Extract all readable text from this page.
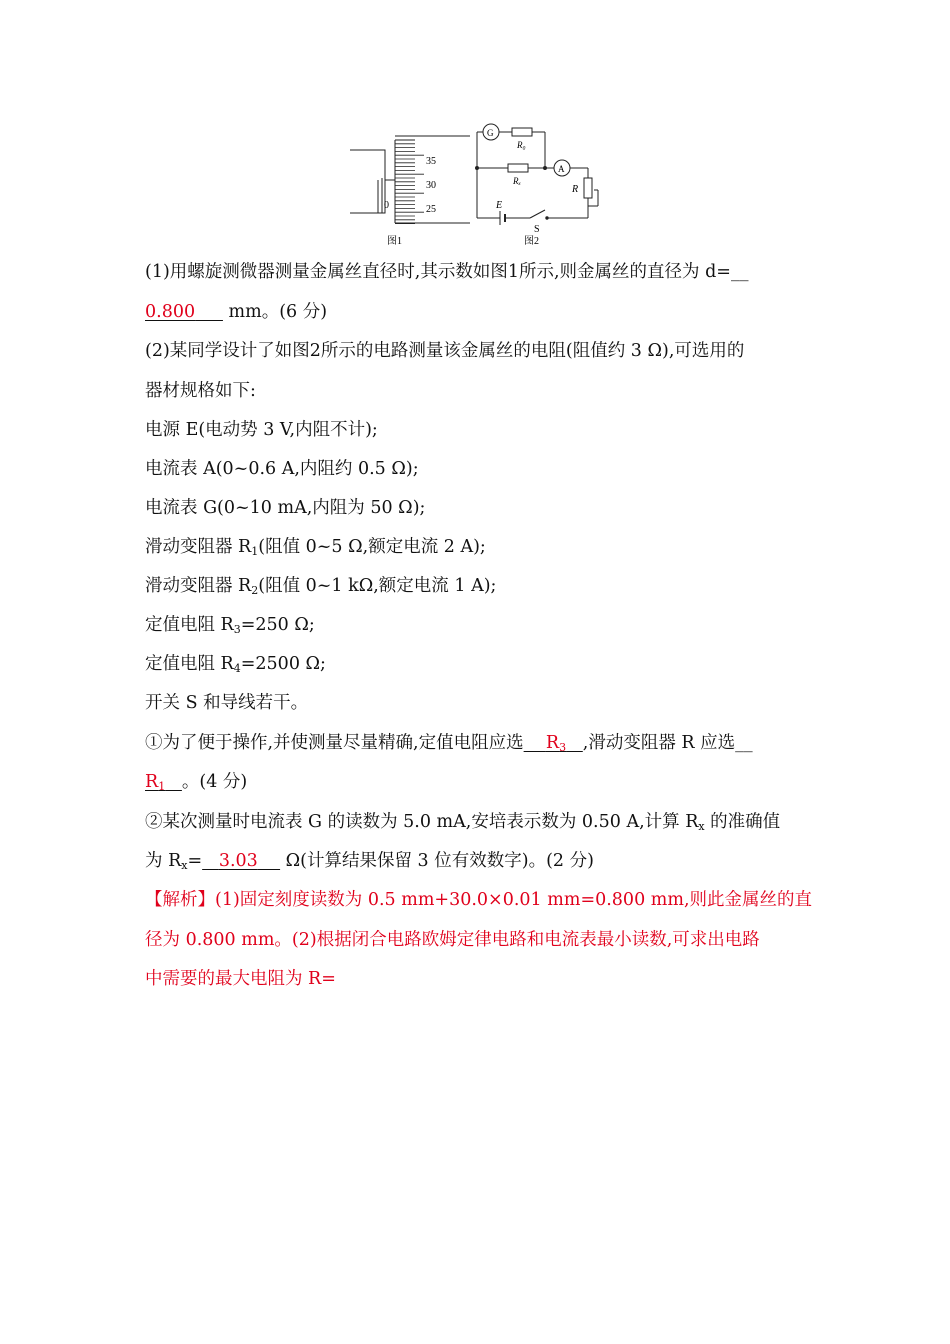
35
30
25
0
图1
G
A
R₀
Rₓ
R
E
S
图2
(1)用螺旋测微器测量金属丝直径时,其示数如图1所示,则金属丝的直径为 d=__
0.800      mm。(6 分)
(2)某同学设计了如图2所示的电路测量该金属丝的电阻(阻值约 3 Ω),可选用的
器材规格如下:
电源 E(电动势 3 V,内阻不计);
电流表 A(0~0.6 A,内阻约 0.5 Ω);
电流表 G(0~10 mA,内阻为 50 Ω);
滑动变阻器 $R_1$(阻值 0~5 Ω,额定电流 2 A);
滑动变阻器 $R_2$(阻值 0~1 kΩ,额定电流 1 A);
定值电阻 $R_3=250$ Ω;
定值电阻 $R_4=2500$ Ω;
开关 S 和导线若干。
①为了便于操作,并使测量尽量精确,定值电阻应选 $R_3$ ,滑动变阻器 R 应选__
$R_1$ 。(4 分)
②某次测量时电流表 G 的读数为 5.0 mA,安培表示数为 0.50 A,计算 $R_x$ 的准确值
为 $R_x= 3.03$     Ω(计算结果保留 3 位有效数字)。(2 分)
【解析】(1)固定刻度读数为 0.5 mm+30.0×0.01 mm=0.800 mm,则此金属丝的直
径为 0.800 mm。(2)根据闭合电路欧姆定律电路和电流表最小读数,可求出电路
中需要的最大电阻为 R=
